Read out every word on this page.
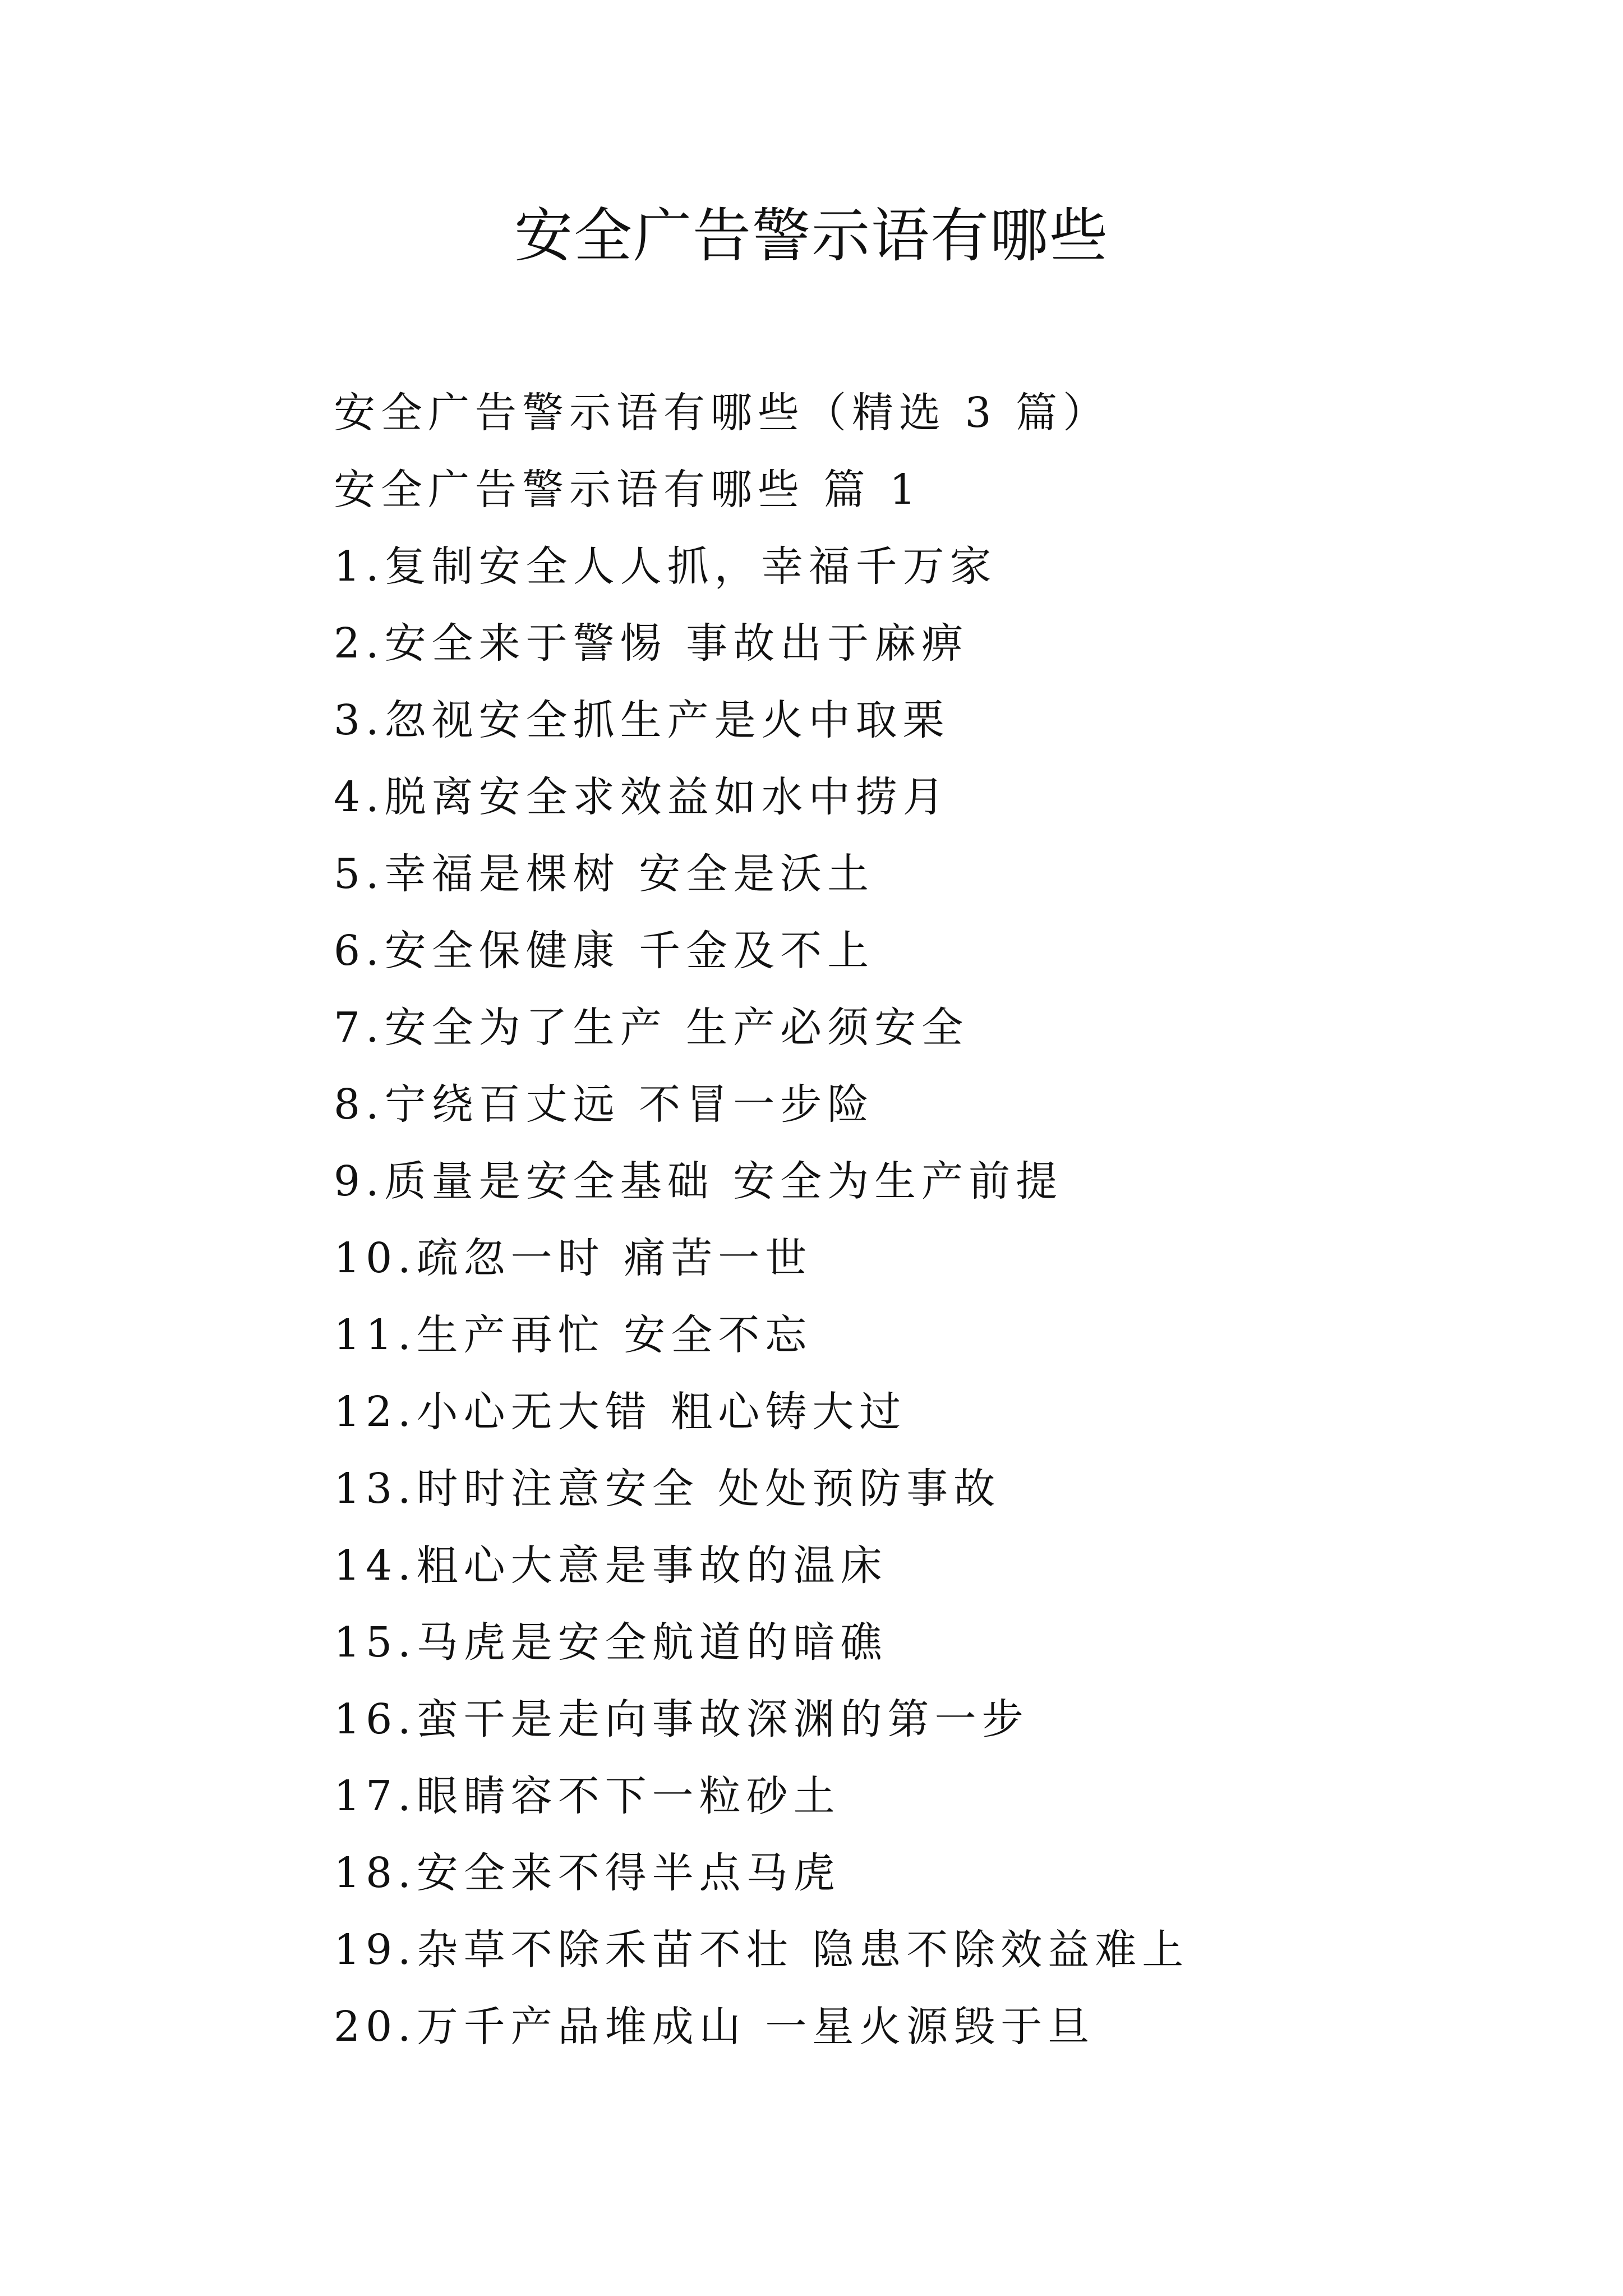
安全广告警示语有哪些

安全广告警示语有哪些（精选 3 篇）

安全广告警示语有哪些 篇 1

1.复制安全人人抓，幸福千万家

2.安全来于警惕 事故出于麻痹

3.忽视安全抓生产是火中取栗

4.脱离安全求效益如水中捞月

5.幸福是棵树 安全是沃土

6.安全保健康 千金及不上

7.安全为了生产 生产必须安全

8.宁绕百丈远 不冒一步险

9.质量是安全基础 安全为生产前提

10.疏忽一时 痛苦一世

11.生产再忙 安全不忘

12.小心无大错 粗心铸大过

13.时时注意安全 处处预防事故

14.粗心大意是事故的温床

15.马虎是安全航道的暗礁

16.蛮干是走向事故深渊的第一步

17.眼睛容不下一粒砂土

18.安全来不得半点马虎

19.杂草不除禾苗不壮 隐患不除效益难上

20.万千产品堆成山 一星火源毁于旦
